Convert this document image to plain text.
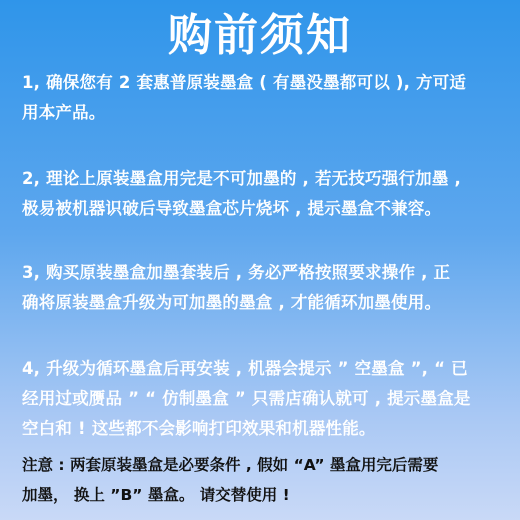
购前须知
1, 确保您有 2 套惠普原装墨盒 ( 有墨没墨都可以 ), 方可适
用本产品。
2, 理论上原装墨盒用完是不可加墨的 , 若无技巧强行加墨 ,
极易被机器识破后导致墨盒芯片烧坏 , 提示墨盒不兼容。
3, 购买原装墨盒加墨套装后 , 务必严格按照要求操作 , 正
确将原装墨盒升级为可加墨的墨盒 , 才能循环加墨使用。
4, 升级为循环墨盒后再安装 , 机器会提示 ” 空墨盒 ”, “ 已
经用过或赝品 ” “ 仿制墨盒 ” 只需店确认就可 , 提示墨盒是
空白和 ! 这些都不会影响打印效果和机器性能。
注意 : 两套原装墨盒是必要条件 , 假如 “A” 墨盒用完后需要
加墨， 换上 ”B” 墨盒。 请交替使用 !
